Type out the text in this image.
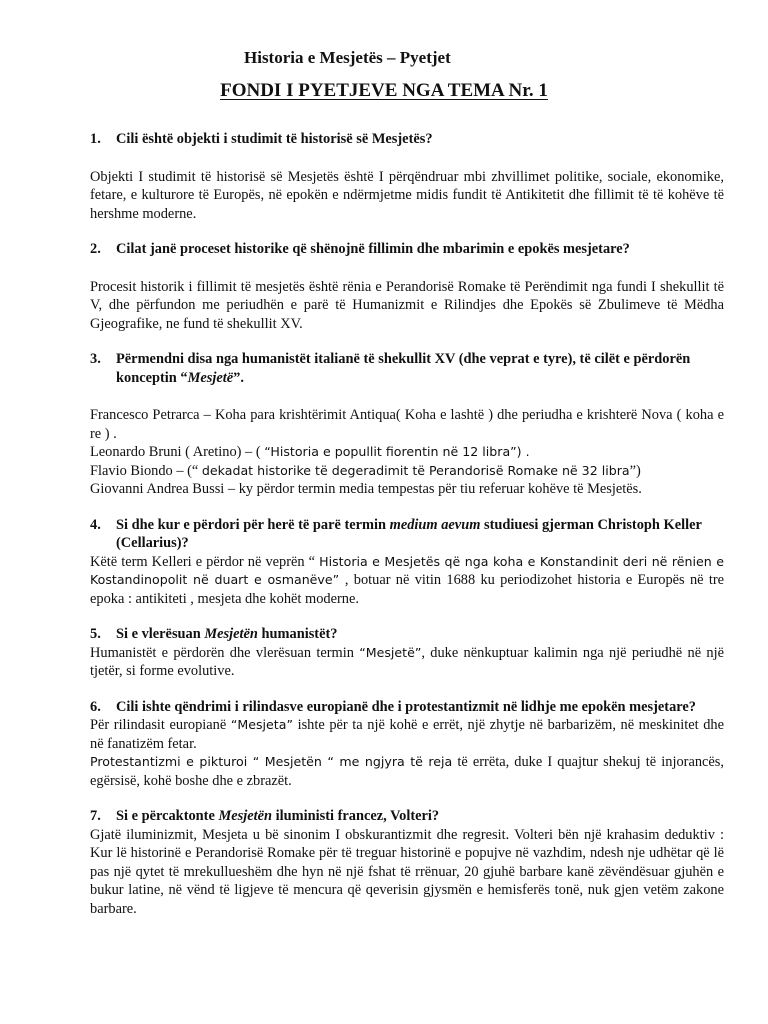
Historia e Mesjetës – Pyetjet
FONDI I PYETJEVE NGA TEMA Nr. 1
1.	Cili është objekti i studimit të historisë së Mesjetës?

Objekti I studimit të historisë së Mesjetës është I përqëndruar mbi zhvillimet politike, sociale, ekonomike, fetare, e kulturore të Europës, në epokën e ndërmjetme midis fundit të Antikitetit dhe fillimit të të kohëve të hershme moderne.

2.	Cilat janë proceset historike që shënojnë fillimin dhe mbarimin e epokës mesjetare?

Procesit historik i fillimit të mesjetës është rënia e Perandorisë Romake të Perëndimit nga fundi I shekullit të V, dhe përfundon me periudhën e parë të Humanizmit e Rilindjes dhe Epokës së Zbulimeve të Mëdha Gjeografike, ne fund të shekullit XV.

3.	Përmendni disa nga humanistët italianë të shekullit XV (dhe veprat e tyre), të cilët e përdorën konceptin “Mesjetë”.

Francesco Petrarca – Koha para krishtërimit Antiqua( Koha e lashtë ) dhe periudha e krishterë Nova ( koha e re ) .

Leonardo Bruni ( Aretino) – ( “Historia e popullit fiorentin në 12 libra”) .

Flavio Biondo – (“ dekadat historike të degeradimit të Perandorisë Romake në 32 libra”)

Giovanni Andrea Bussi – ky përdor termin media tempestas për tiu referuar kohëve të Mesjetës.

4.	Si dhe kur e përdori për herë të parë termin medium aevum studiuesi gjerman Christoph Keller (Cellarius)?

Këtë term Kelleri e përdor në veprën “ Historia e Mesjetës që nga koha e Konstandinit deri në rënien e Kostandinopolit në duart e osmanëve” , botuar në vitin 1688 ku periodizohet historia e Europës në tre epoka : antikiteti , mesjeta dhe kohët moderne.

5.	Si e vlerësuan Mesjetën humanistët?

Humanistët e përdorën dhe vlerësuan termin “Mesjetë”, duke nënkuptuar kalimin nga një periudhë në një tjetër, si forme evolutive.

6.	Cili ishte qëndrimi i rilindasve europianë dhe i protestantizmit në lidhje me epokën mesjetare?

Për rilindasit europianë “Mesjeta” ishte për ta një kohë e errët, një zhytje në barbarizëm, në meskinitet dhe në fanatizëm fetar.

Protestantizmi e pikturoi “ Mesjetën “ me ngjyra të reja të errëta, duke I quajtur shekuj të injorancës, egërsisë, kohë boshe dhe e zbrazët.

7.	Si e përcaktonte Mesjetën iluministi francez, Volteri?

Gjatë iluminizmit, Mesjeta u bë sinonim I obskurantizmit dhe regresit. Volteri bën një krahasim deduktiv : Kur lë historinë e Perandorisë Romake për të treguar historinë e popujve në vazhdim, ndesh nje udhëtar që lë pas një qytet të mrekullueshëm dhe hyn në një fshat të rrënuar, 20 gjuhë barbare kanë zëvëndësuar gjuhën e bukur latine, në vënd të ligjeve të mencura që qeverisin gjysmën e hemisferës tonë, nuk gjen vetëm zakone barbare.
